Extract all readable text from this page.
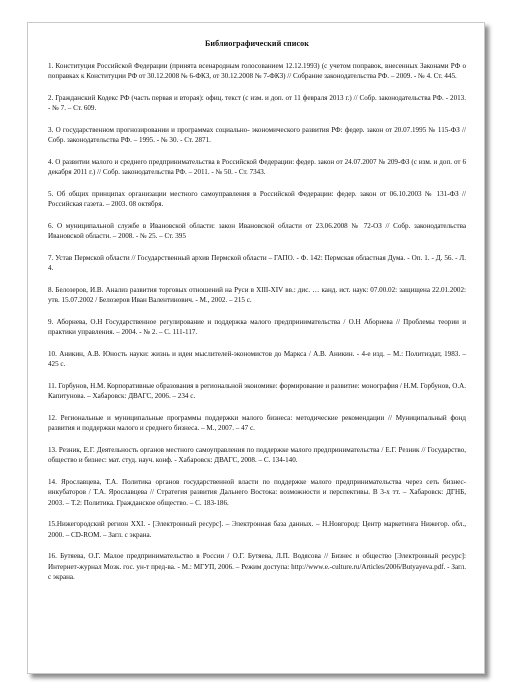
Библиографический список
1. Конституция Российской Федерации (принята всенародным голосованием 12.12.1993) (с учетом поправок, внесенных Законами РФ о поправках к Конституции РФ от 30.12.2008 № 6-ФКЗ, от 30.12.2008 № 7-ФКЗ) // Собрание законодательства РФ. – 2009. - № 4. Ст. 445.
2. Гражданский Кодекс РФ (часть первая и вторая): офиц. текст (с изм. и доп. от 11 февраля 2013 г.) // Собр. законодательства РФ. - 2013. - № 7. – Ст. 609.
3. О государственном прогнозировании и программах социально- экономического развития РФ: федер. закон от 20.07.1995 № 115-ФЗ // Собр. законодательства РФ. – 1995. - № 30. - Ст. 2871.
4. О развитии малого и среднего предпринимательства в Российской Федерации: федер. закон от 24.07.2007 № 209-ФЗ (с изм. и доп. от 6 декабря 2011 г.) // Собр. законодательства РФ. – 2011. - № 50. - Ст. 7343.
5. Об общих принципах организации местного самоуправления в Российской Федерации: федер. закон от 06.10.2003 № 131-ФЗ // Российская газета. – 2003. 08 октября.
6. О муниципальной службе в Ивановской области: закон Ивановской области от 23.06.2008 № 72-ОЗ // Собр. законодательства Ивановской области. – 2008. - № 25. – Ст. 395
7. Устав Пермской области // Государственный архив Пермской области – ГАПО. - Ф. 142: Пермская областная Дума. - Оп. 1. - Д. 56. - Л. 4.
8. Белозеров, И.В. Анализ развития торговых отношений на Руси в XIII-XIV вв.: дис. … канд. ист. наук: 07.00.02: защищена 22.01.2002: утв. 15.07.2002 / Белозеров Иван Валентинович. - М., 2002. – 215 с.
9. Аборнева, О.Н Государственное регулирование и поддержка малого предпринимательства / О.Н Аборнева // Проблемы теории и практики управления. – 2004. - № 2. – С. 111-117.
10. Аникин, А.В. Юность науки: жизнь и идеи мыслителей-экономистов до Маркса / А.В. Аникин. - 4-е изд. – М.: Политиздат, 1983. – 425 с.
11. Горбунов, Н.М. Корпоративные образования в региональной экономике: формирование и развитие: монография / Н.М. Горбунов, О.А. Капитунова. – Хабаровск: ДВАГС, 2006. – 234 с.
12. Региональные и муниципальные программы поддержки малого бизнеса: методические рекомендации // Муниципальный фонд развития и поддержки малого и среднего бизнеса. – М., 2007. – 47 с.
13. Резник, Е.Г. Деятельность органов местного самоуправления по поддержке малого предпринимательства / Е.Г. Резник // Государство, общество и бизнес: мат. студ. науч. конф. - Хабаровск: ДВАГС, 2008. – С. 134-140.
14. Ярославцева, Т.А. Политика органов государственной власти по поддержке малого предпринимательства через сеть бизнес-инкубаторов / Т.А. Ярославцева // Стратегия развития Дальнего Востока: возможности и перспективы. В 3-х тт. – Хабаровск: ДГНБ, 2003. – Т.2: Политика. Гражданское общество. – С. 183-186.
15.Нижегородский регион XXI. - [Электронный ресурс]. – Электронная база данных. – Н.Новгород: Центр маркетинга Нижегор. обл., 2000. – CD-ROM. – Загл. с экрана.
16. Бутяева, О.Г. Малое предпринимательство в России / О.Г. Бутяева, Л.П. Водясова // Бизнес и общество [Электронный ресурс]: Интернет-журнал Мозк. гос. ун-т пред-ва. - М.: МГУП, 2006. – Режим доступа: http://www.e.-culture.ru/Articles/2006/Butyayeva.pdf. - Загл. с экрана.
